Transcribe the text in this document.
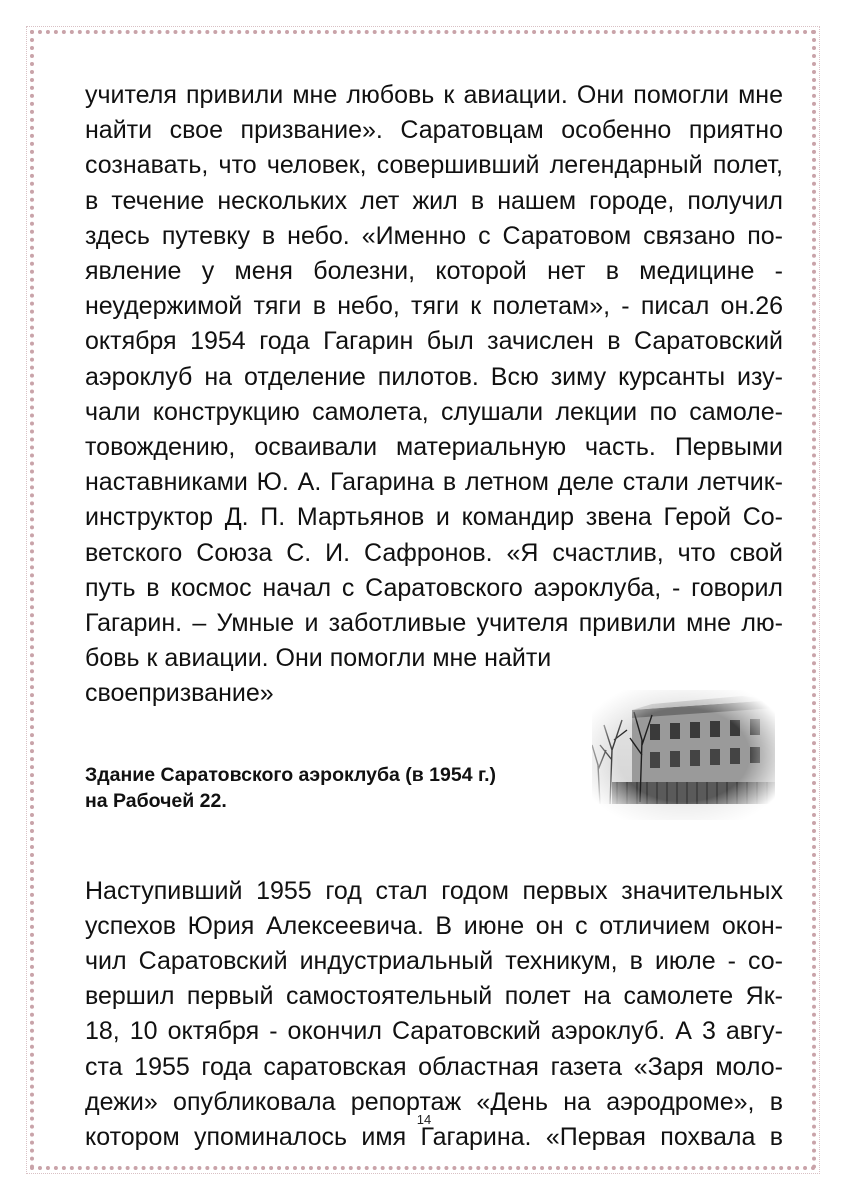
учителя привили мне любовь к авиации. Они помогли мне
найти свое призвание». Саратовцам особенно приятно
сознавать, что человек, совершивший легендарный полет,
в течение нескольких лет жил в нашем городе, получил
здесь путевку в небо. «Именно с Саратовом связано по-
явление у меня болезни, которой нет в медицине -
неудержимой тяги в небо, тяги к полетам», - писал он.26
октября 1954 года Гагарин был зачислен в Саратовский
аэроклуб на отделение пилотов. Всю зиму курсанты изу-
чали конструкцию самолета, слушали лекции по самоле-
товождению, осваивали материальную часть. Первыми
наставниками Ю. А. Гагарина в летном деле стали летчик-
инструктор Д. П. Мартьянов и командир звена Герой Со-
ветского Союза С. И. Сафронов. «Я счастлив, что свой
путь в космос начал с Саратовского аэроклуба, - говорил
Гагарин. – Умные и заботливые учителя привили мне лю-
бовь к авиации. Они помогли мне найти
своепризвание»

Здание Саратовского аэроклуба (в 1954 г.)
на Рабочей 22.

Наступивший 1955 год стал годом первых значительных
успехов Юрия Алексеевича. В июне он с отличием окон-
чил Саратовский индустриальный техникум, в июле - со-
вершил первый самостоятельный полет на самолете Як-
18, 10 октября - окончил Саратовский аэроклуб. А 3 авгу-
ста 1955 года саратовская областная газета «Заря моло-
дежи» опубликовала репортаж «День на аэродроме», в
котором упоминалось имя Гагарина. «Первая похвала в

14
